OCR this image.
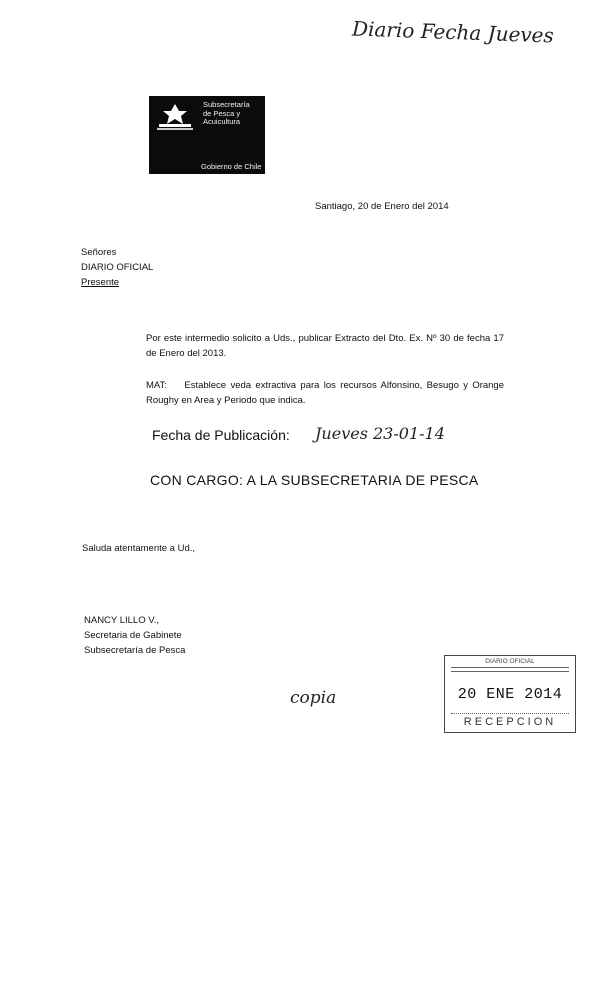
Diario Fecha Jueves
Subsecretaría
de Pesca y
Acuicultura
Gobierno de Chile
Santiago, 20 de Enero del 2014
Señores
DIARIO OFICIAL
Presente
Por este intermedio solicito a Uds., publicar Extracto del Dto. Ex. Nº 30 de fecha 17 de Enero del 2013.
MAT: Establece veda extractiva para los recursos Alfonsino, Besugo y Orange Roughy en Area y Periodo que indica.
Fecha de Publicación: Jueves 23-01-14
CON CARGO: A LA SUBSECRETARIA DE PESCA
Saluda atentamente a Ud.,
NANCY LILLO V.,
Secretaria de Gabinete
Subsecretaría de Pesca
DIARIO OFICIAL
20 ENE 2014
RECEPCION
copia
